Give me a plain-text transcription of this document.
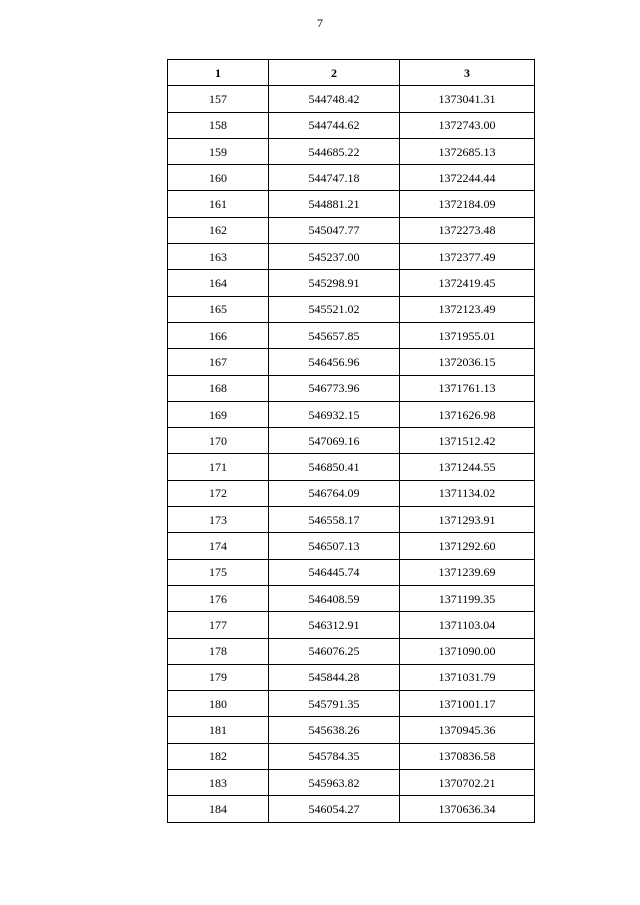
7
1	2	3
157	544748.42	1373041.31
158	544744.62	1372743.00
159	544685.22	1372685.13
160	544747.18	1372244.44
161	544881.21	1372184.09
162	545047.77	1372273.48
163	545237.00	1372377.49
164	545298.91	1372419.45
165	545521.02	1372123.49
166	545657.85	1371955.01
167	546456.96	1372036.15
168	546773.96	1371761.13
169	546932.15	1371626.98
170	547069.16	1371512.42
171	546850.41	1371244.55
172	546764.09	1371134.02
173	546558.17	1371293.91
174	546507.13	1371292.60
175	546445.74	1371239.69
176	546408.59	1371199.35
177	546312.91	1371103.04
178	546076.25	1371090.00
179	545844.28	1371031.79
180	545791.35	1371001.17
181	545638.26	1370945.36
182	545784.35	1370836.58
183	545963.82	1370702.21
184	546054.27	1370636.34
